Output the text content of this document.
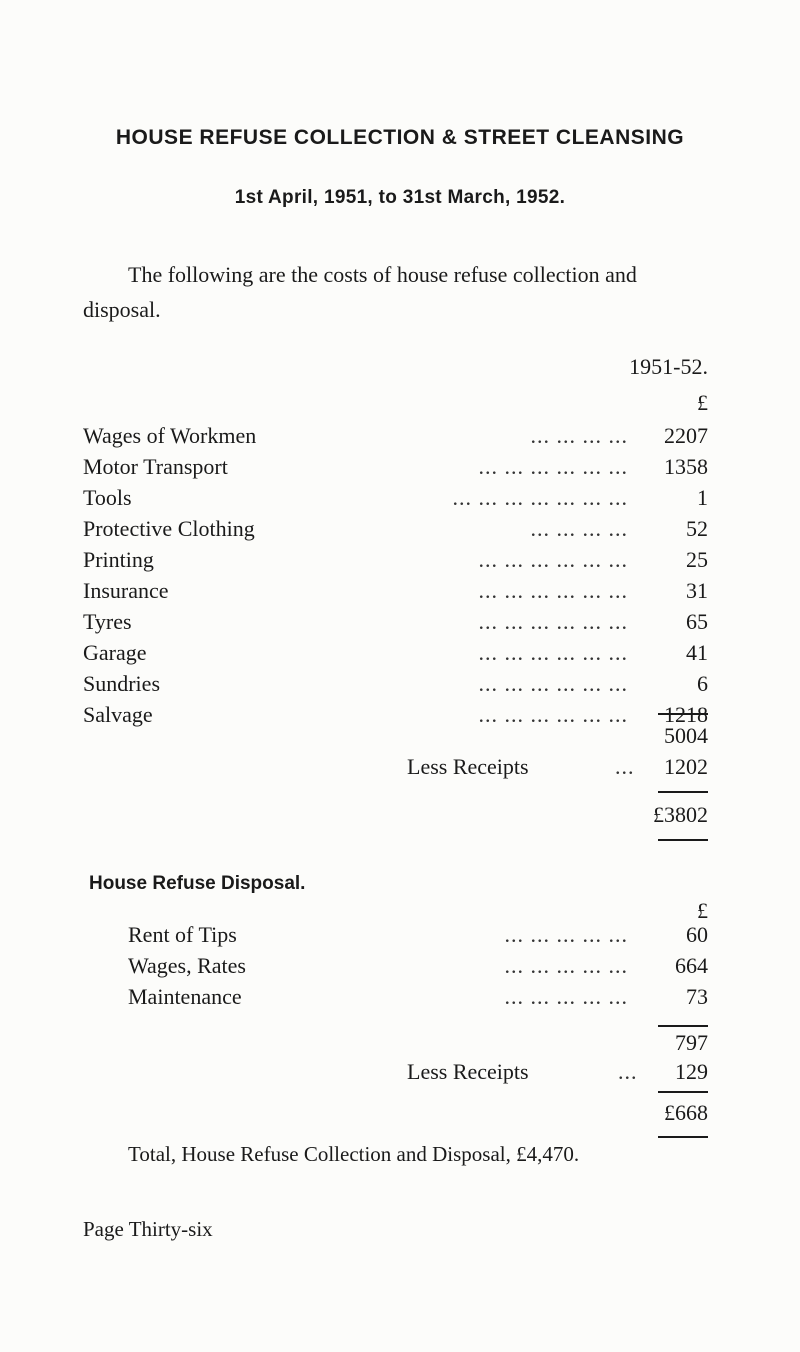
HOUSE REFUSE COLLECTION & STREET CLEANSING
1st April, 1951, to 31st March, 1952.
The following are the costs of house refuse collection and
disposal.
1951-52.
£
Wages of Workmen	... ... ... ...	2207
Motor Transport	... ... ... ... ... ...	1358
Tools	... ... ... ... ... ... ...	1
Protective Clothing	... ... ... ...	52
Printing	... ... ... ... ... ...	25
Insurance	... ... ... ... ... ...	31
Tyres	... ... ... ... ... ...	65
Garage	... ... ... ... ... ...	41
Sundries	... ... ... ... ... ...	6
Salvage	... ... ... ... ... ...	1218
5004
Less Receipts	...	1202
£3802
House Refuse Disposal.
£
Rent of Tips	... ... ... ... ...	60
Wages, Rates	... ... ... ... ...	664
Maintenance	... ... ... ... ...	73
797
Less Receipts	...	129
£668
Total, House Refuse Collection and Disposal, £4,470.
Page Thirty-six
